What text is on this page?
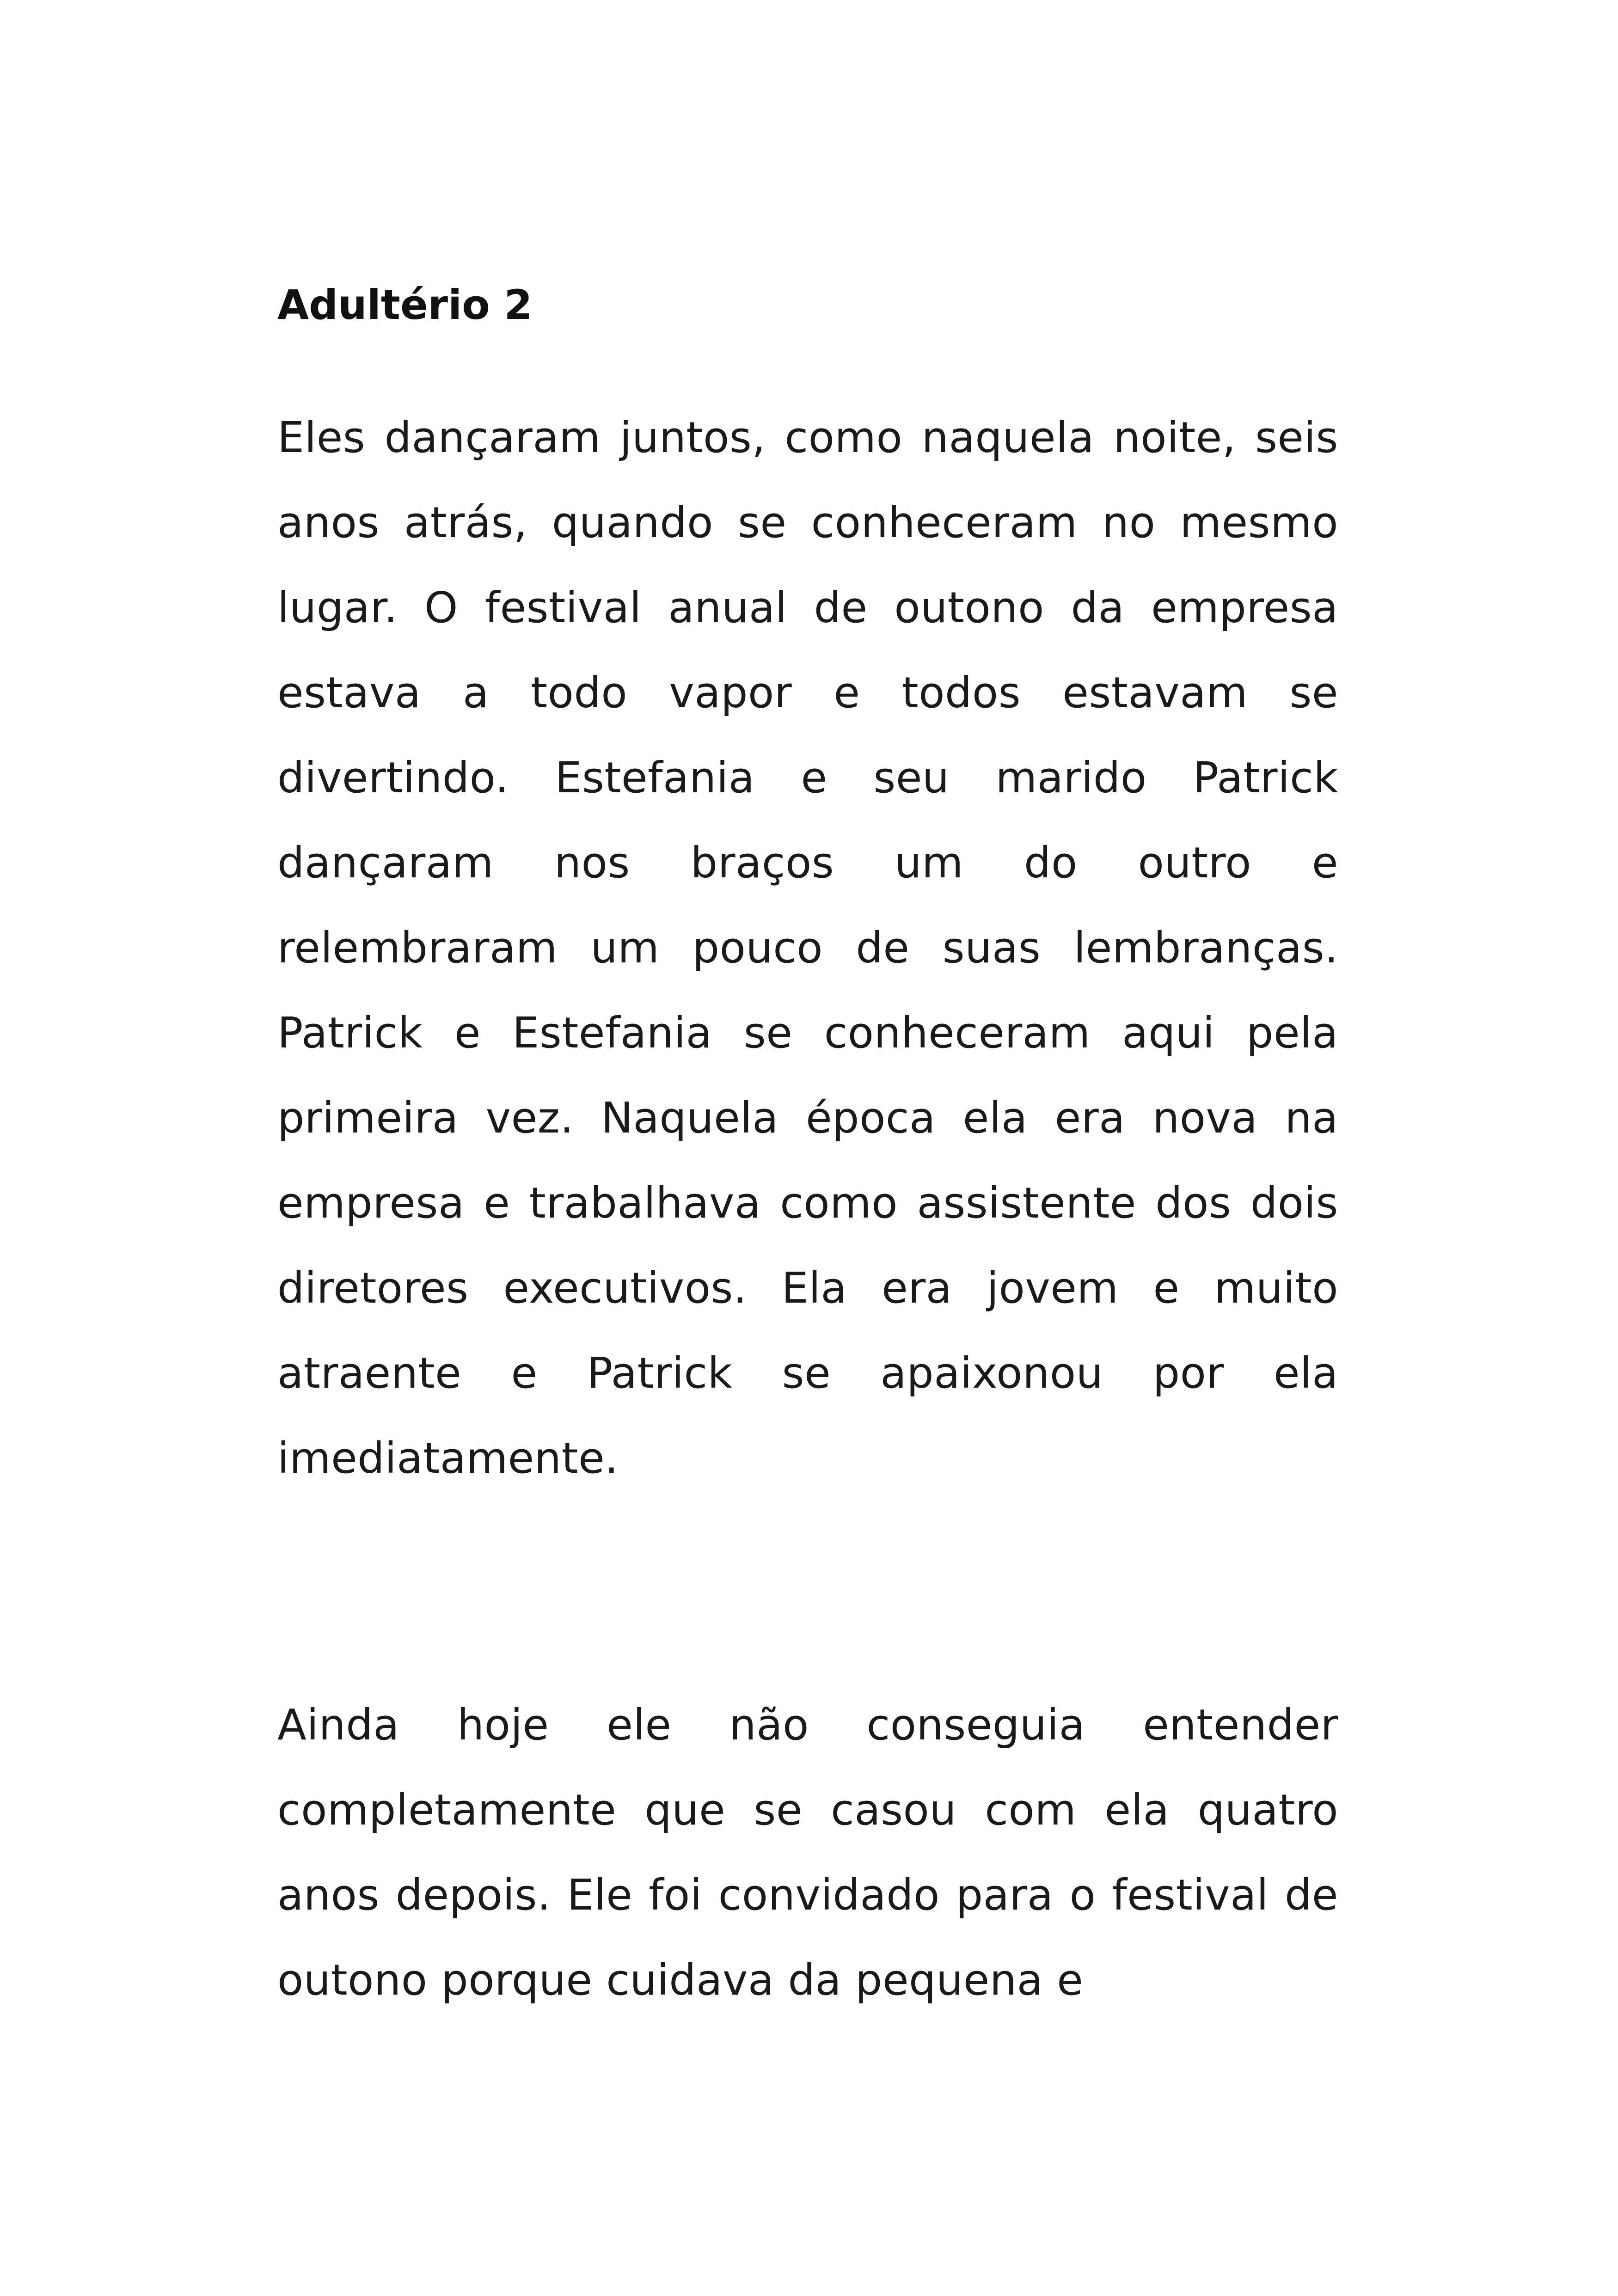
Adultério 2

Eles dançaram juntos, como naquela noite, seis anos atrás, quando se conheceram no mesmo lugar. O festival anual de outono da empresa estava a todo vapor e todos estavam se divertindo. Estefania e seu marido Patrick dançaram nos braços um do outro e relembraram um pouco de suas lembranças. Patrick e Estefania se conheceram aqui pela primeira vez. Naquela época ela era nova na empresa e trabalhava como assistente dos dois diretores executivos. Ela era jovem e muito atraente e Patrick se apaixonou por ela imediatamente.

Ainda hoje ele não conseguia entender completamente que se casou com ela quatro anos depois. Ele foi convidado para o festival de outono porque cuidava da pequena e
